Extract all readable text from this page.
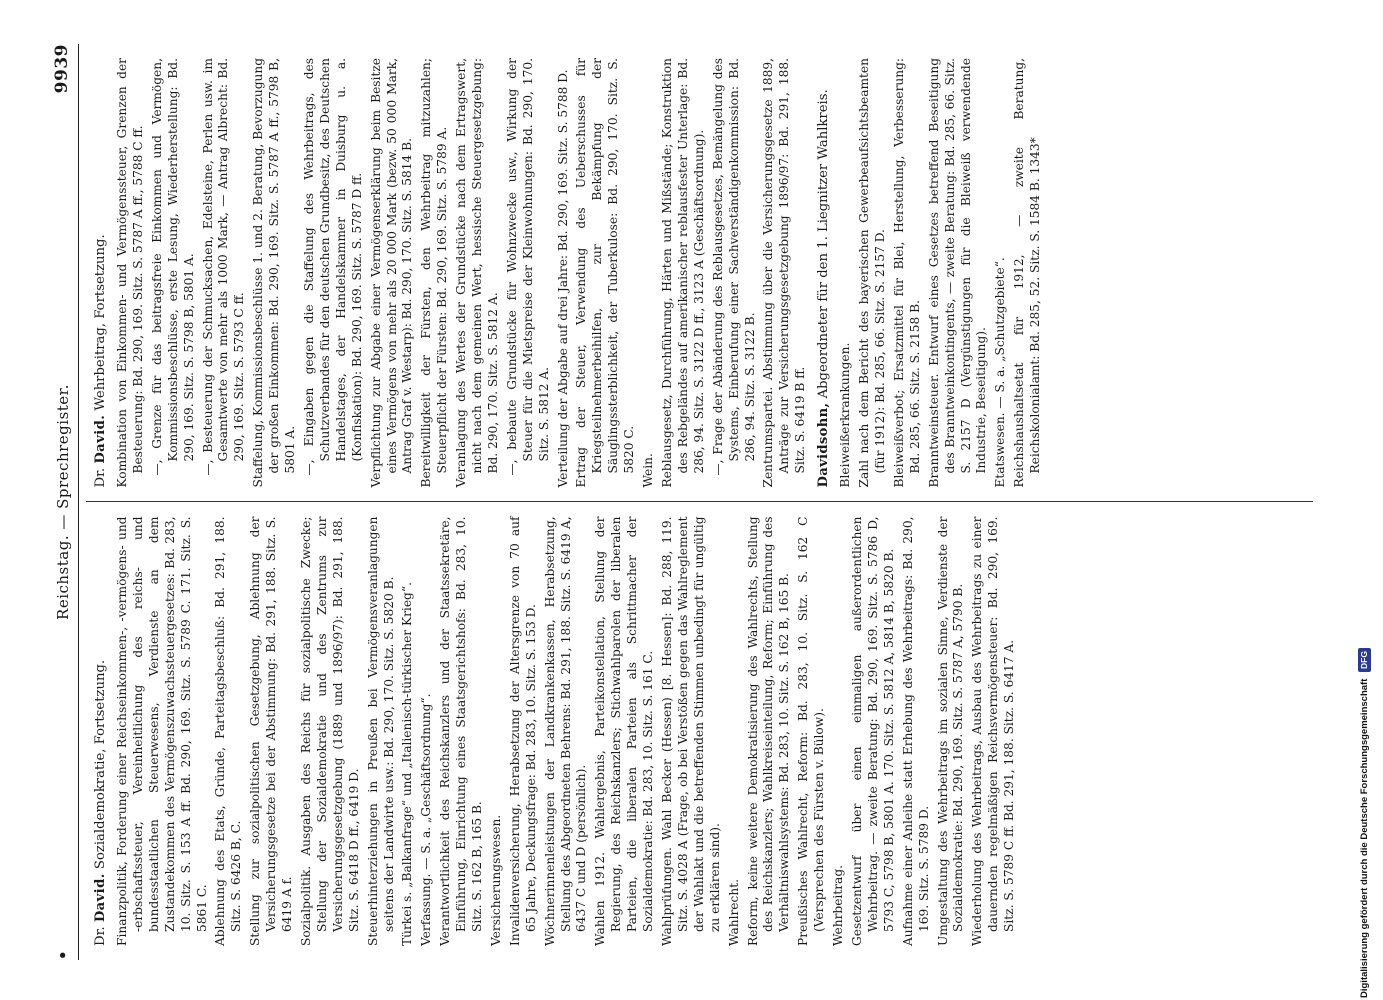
•
Reichstag. — Sprechregister.
9939
Dr. David. Sozialdemokratie, Fortsetzung. Finanzpolitik, Forderung einer Reichseinkommen-, -vermögens- und -erbschaftssteuer, Vereinheitlichung des reichs- und bundesstaatlichen Steuerwesens, Verdienste an dem Zustandekommen des Vermögenszuwachssteuergesetzes: Bd. 283, 10. Sitz. S. 153 A ff. Bd. 290, 169. Sitz. S. 5789 C. 171. Sitz. S. 5861 C. Ablehnung des Etats, Gründe, Parteitagsbeschluß: Bd. 291, 188. Sitz. S. 6426 B, C. Stellung zur sozialpolitischen Gesetzgebung, Ablehnung der Versicherungsgesetze bei der Abstimmung: Bd. 291, 188. Sitz. S. 6419 A f. Sozialpolitik. Ausgaben des Reichs für sozialpolitische Zwecke; Stellung der Sozialdemokratie und des Zentrums zur Versicherungsgesetzgebung (1889 und 1896/97): Bd. 291, 188. Sitz. S. 6418 D ff., 6419 D. Steuerhinterziehungen in Preußen bei Vermögensveranlagungen seitens der Landwirte usw.: Bd. 290, 170. Sitz. S. 5820 B. Türkei s. „Balkanfrage“ und „Italienisch-türkischer Krieg“. Verfassung. — S. a. „Geschäftsordnung“. Verantwortlichkeit des Reichskanzlers und der Staatssekretäre, Einführung, Einrichtung eines Staatsgerichtshofs: Bd. 283, 10. Sitz. S. 162 B, 165 B. Versicherungswesen. Invalidenversicherung, Herabsetzung der Altersgrenze von 70 auf 65 Jahre, Deckungsfrage: Bd. 283, 10. Sitz. S. 153 D. Wöchnerinnenleistungen der Landkrankenkassen, Herabsetzung, Stellung des Abgeordneten Behrens: Bd. 291, 188. Sitz. S. 6419 A, 6437 C und D (persönlich). Wahlen 1912. Wahlergebnis, Parteikonstellation, Stellung der Regierung, des Reichskanzlers; Stichwahlparolen der liberalen Parteien, die liberalen Parteien als Schrittmacher der Sozialdemokratie: Bd. 283, 10. Sitz. S. 161 C. Wahlprüfungen. Wahl Becker (Hessen) [8. Hessen]: Bd. 288, 119. Sitz. S. 4028 A (Frage, ob bei Verstößen gegen das Wahlreglement der Wahlakt und die betreffenden Stimmen unbedingt für ungültig zu erklären sind). Wahlrecht. Reform, keine weitere Demokratisierung des Wahlrechts, Stellung des Reichskanzlers; Wahlkreiseinteilung, Reform; Einführung des Verhältniswahlsystems: Bd. 283, 10. Sitz. S. 162 B, 165 B. Preußisches Wahlrecht, Reform: Bd. 283, 10. Sitz. S. 162 C (Versprechen des Fürsten v. Bülow). Wehrbeitrag. Gesetzentwurf über einen einmaligen außerordentlichen Wehrbeitrag. — zweite Beratung: Bd. 290, 169. Sitz. S. 5786 D, 5793 C, 5798 B, 5801 A. 170. Sitz. S. 5812 A, 5814 B, 5820 B. Aufnahme einer Anleihe statt Erhebung des Wehrbeitrags: Bd. 290, 169. Sitz. S. 5789 D. Umgestaltung des Wehrbeitrags im sozialen Sinne, Verdienste der Sozialdemokratie: Bd. 290, 169. Sitz. S. 5787 A, 5790 B. Wiederholung des Wehrbeitrags, Ausbau des Wehrbeitrags zu einer dauernden regelmäßigen Reichsvermögensteuer: Bd. 290, 169. Sitz. S. 5789 C ff. Bd. 291, 188. Sitz. S. 6417 A.

Dr. David. Wehrbeitrag, Fortsetzung. Kombination von Einkommen- und Vermögenssteuer, Grenzen der Besteuerung: Bd. 290, 169. Sitz. S. 5787 A ff., 5788 C ff. —, Grenze für das beitragsfreie Einkommen und Vermögen, Kommissionsbeschlüsse, erste Lesung, Wiederherstellung: Bd. 290, 169. Sitz. S. 5798 B, 5801 A. —, Besteuerung der Schmucksachen, Edelsteine, Perlen usw. im Gesamtwerte von mehr als 1000 Mark, — Antrag Albrecht: Bd. 290, 169. Sitz. S. 5793 C ff. Staffelung, Kommissionsbeschlüsse 1. und 2. Beratung, Bevorzugung der großen Einkommen: Bd. 290, 169. Sitz. S. 5787 A ff., 5798 B, 5801 A. —, Eingaben gegen die Staffelung des Wehrbeitrags, des Schutzverbandes für den deutschen Grundbesitz, des Deutschen Handelstages, der Handelskammer in Duisburg u. a. (Konfiskation): Bd. 290, 169. Sitz. S. 5787 D ff. Verpflichtung zur Abgabe einer Vermögenserklärung beim Besitze eines Vermögens von mehr als 20 000 Mark (bezw. 50 000 Mark, Antrag Graf v. Westarp): Bd. 290, 170. Sitz. S. 5814 B. Bereitwilligkeit der Fürsten, den Wehrbeitrag mitzuzahlen; Steuerpflicht der Fürsten: Bd. 290, 169. Sitz. S. 5789 A. Veranlagung des Wertes der Grundstücke nach dem Ertragswert, nicht nach dem gemeinen Wert, hessische Steuergesetzgebung: Bd. 290, 170. Sitz. S. 5812 A. —, bebaute Grundstücke für Wohnzwecke usw., Wirkung der Steuer für die Mietspreise der Kleinwohnungen: Bd. 290, 170. Sitz. S. 5812 A. Verteilung der Abgabe auf drei Jahre: Bd. 290, 169. Sitz. S. 5788 D. Ertrag der Steuer, Verwendung des Ueberschusses für Kriegsteilnehmerbeihilfen, zur Bekämpfung der Säuglingssterblichkeit, der Tuberkulose: Bd. 290, 170. Sitz. S. 5820 C. Wein. Reblausgesetz, Durchführung, Härten und Mißstände; Konstruktion des Rebgeländes auf amerikanischer reblausfester Unterlage: Bd. 286, 94. Sitz. S. 3122 D ff., 3123 A (Geschäftsordnung). —, Frage der Abänderung des Reblausgesetzes, Bemängelung des Systems, Einberufung einer Sachverständigenkommission: Bd. 286, 94. Sitz. S. 3122 B. Zentrumspartei. Abstimmung über die Versicherungsgesetze 1889, Anträge zur Versicherungsgesetzgebung 1896/97: Bd. 291, 188. Sitz. S. 6419 B ff. Davidsohn, Abgeordneter für den 1. Liegnitzer Wahlkreis.

Bleiweißerkrankungen. Zahl nach dem Bericht des bayerischen Gewerbeaufsichtsbeamten (für 1912): Bd. 285, 66. Sitz. S. 2157 D. Bleiweißverbot; Ersatzmittel für Blei, Herstellung, Verbesserung: Bd. 285, 66. Sitz. S. 2158 B. Branntweinsteuer. Entwurf eines Gesetzes betreffend Beseitigung des Branntweinkontingents, — zweite Beratung: Bd. 285, 66. Sitz. S. 2157 D (Vergünstigungen für die Bleiweiß verwendende Industrie, Beseitigung). Etatswesen. — S. a. „Schutzgebiete“. Reichshaushaltsetat für 1912, — zweite Beratung, Reichskolonialamt: Bd. 285, 52. Sitz. S. 1584 B. 1343*

Digitalisierung gefördert durch die Deutsche Forschungsgemeinschaft DFG
